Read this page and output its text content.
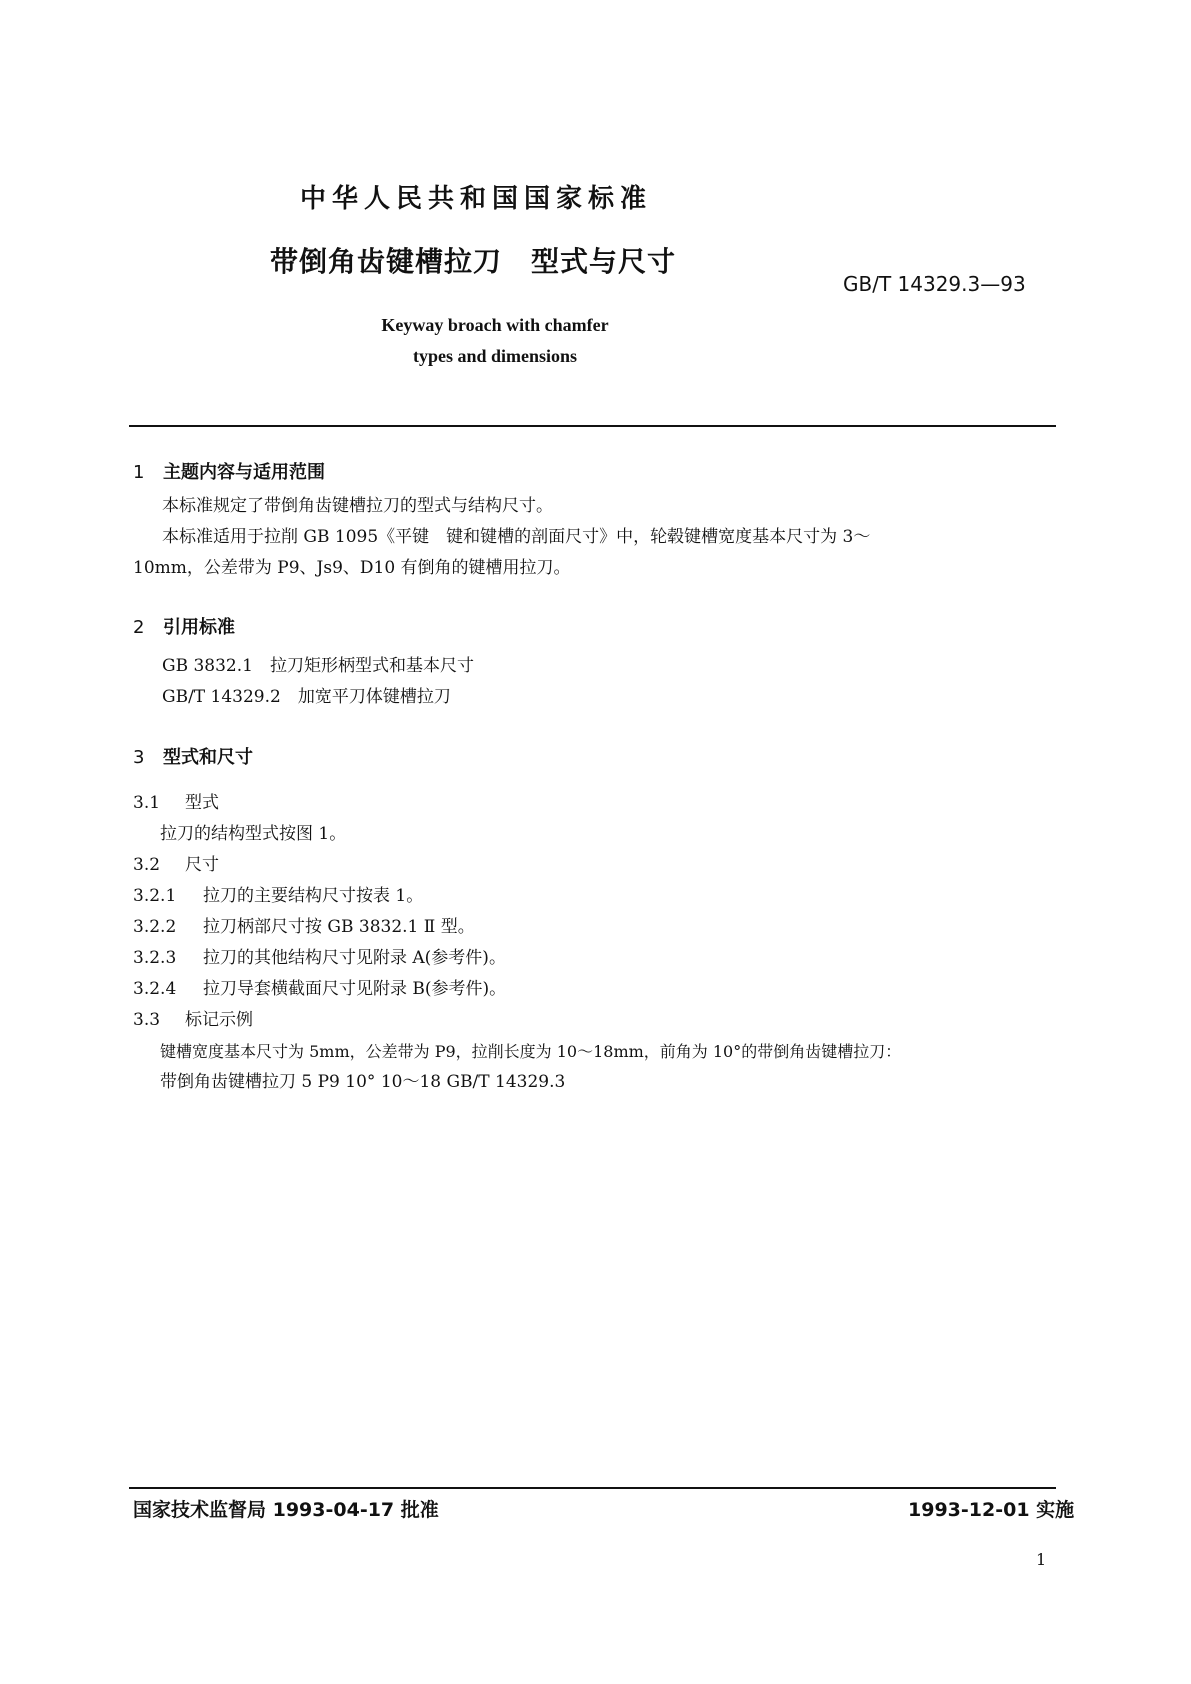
中华人民共和国国家标准
带倒角齿键槽拉刀　型式与尺寸
GB/T 14329.3—93
Keyway broach with chamfer
types and dimensions
1 主题内容与适用范围
本标准规定了带倒角齿键槽拉刀的型式与结构尺寸。
本标准适用于拉削 GB 1095《平键　键和键槽的剖面尺寸》中，轮毂键槽宽度基本尺寸为 3～
10mm，公差带为 P9、Js9、D10 有倒角的键槽用拉刀。
2 引用标准
GB 3832.1　拉刀矩形柄型式和基本尺寸
GB/T 14329.2　加宽平刀体键槽拉刀
3 型式和尺寸
3.1 型式
拉刀的结构型式按图 1。
3.2 尺寸
3.2.1 拉刀的主要结构尺寸按表 1。
3.2.2 拉刀柄部尺寸按 GB 3832.1 Ⅱ 型。
3.2.3 拉刀的其他结构尺寸见附录 A(参考件)。
3.2.4 拉刀导套横截面尺寸见附录 B(参考件)。
3.3 标记示例
键槽宽度基本尺寸为 5mm，公差带为 P9，拉削长度为 10～18mm，前角为 10°的带倒角齿键槽拉刀：
带倒角齿键槽拉刀 5 P9 10° 10～18 GB/T 14329.3
国家技术监督局 1993-04-17 批准	1993-12-01 实施
1
